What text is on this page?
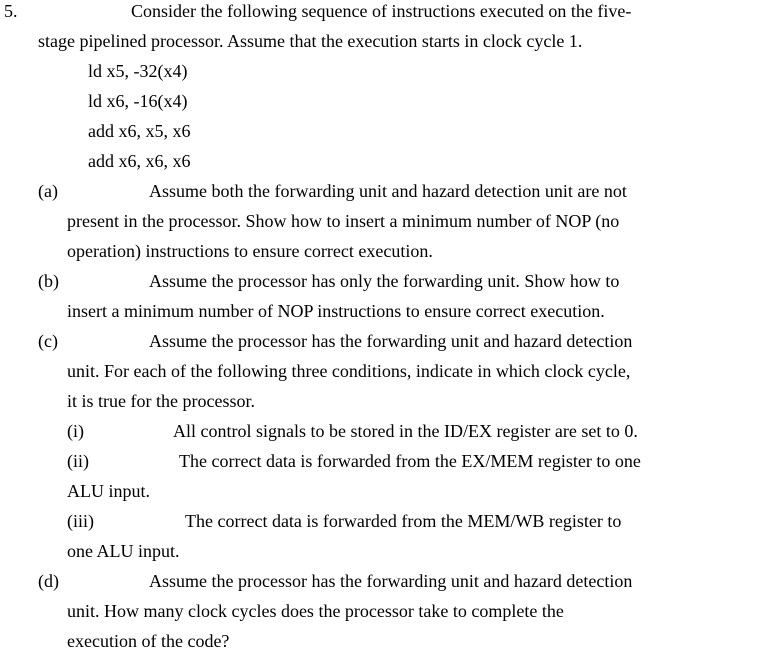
5.	Consider the following sequence of instructions executed on the five-
stage pipelined processor. Assume that the execution starts in clock cycle 1.
ld x5, -32(x4)
ld x6, -16(x4)
add x6, x5, x6
add x6, x6, x6
(a)	Assume both the forwarding unit and hazard detection unit are not
present in the processor. Show how to insert a minimum number of NOP (no
operation) instructions to ensure correct execution.
(b)	Assume the processor has only the forwarding unit. Show how to
insert a minimum number of NOP instructions to ensure correct execution.
(c)	Assume the processor has the forwarding unit and hazard detection
unit. For each of the following three conditions, indicate in which clock cycle,
it is true for the processor.
(i)	All control signals to be stored in the ID/EX register are set to 0.
(ii)	The correct data is forwarded from the EX/MEM register to one
ALU input.
(iii)	The correct data is forwarded from the MEM/WB register to
one ALU input.
(d)	Assume the processor has the forwarding unit and hazard detection
unit. How many clock cycles does the processor take to complete the
execution of the code?
